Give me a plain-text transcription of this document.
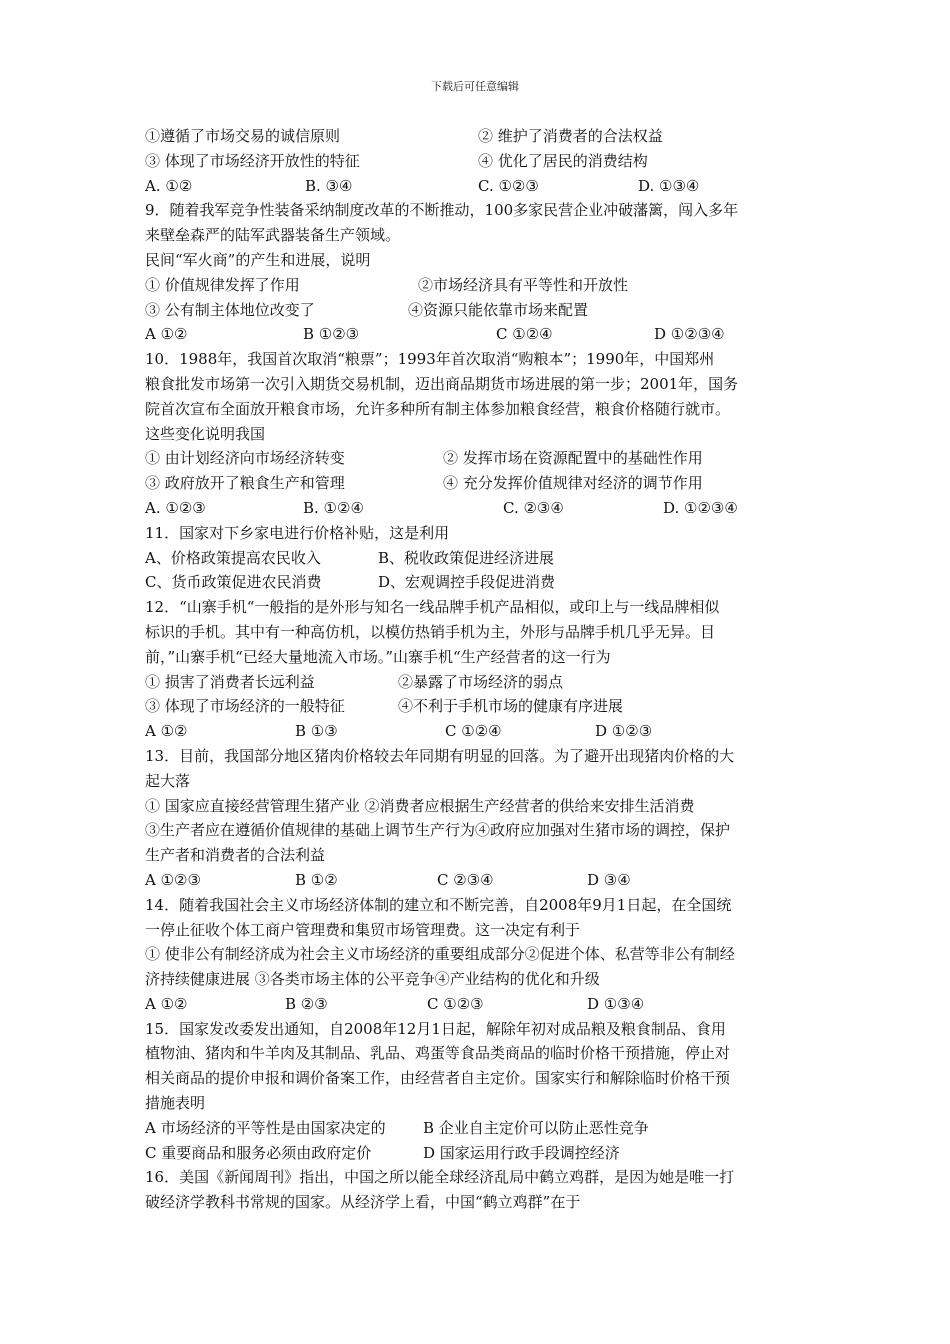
下载后可任意编辑
①遵循了市场交易的诚信原则	② 维护了消费者的合法权益
③ 体现了市场经济开放性的特征	④ 优化了居民的消费结构
A. ①②	B. ③④	C. ①②③	D. ①③④
9．随着我军竞争性装备采纳制度改革的不断推动，100多家民营企业冲破藩篱，闯入多年
来壁垒森严的陆军武器装备生产领域。
民间“军火商”的产生和进展，说明
① 价值规律发挥了作用	②市场经济具有平等性和开放性
③ 公有制主体地位改变了	④资源只能依靠市场来配置
A ①②	B ①②③	C ①②④	D ①②③④
10．1988年，我国首次取消“粮票”；1993年首次取消“购粮本”；1990年，中国郑州
粮食批发市场第一次引入期货交易机制，迈出商品期货市场进展的第一步；2001年，国务
院首次宣布全面放开粮食市场，允许多种所有制主体参加粮食经营，粮食价格随行就市。
这些变化说明我国
① 由计划经济向市场经济转变	② 发挥市场在资源配置中的基础性作用
③ 政府放开了粮食生产和管理	④ 充分发挥价值规律对经济的调节作用
A. ①②③	B. ①②④	C. ②③④	D. ①②③④
11．国家对下乡家电进行价格补贴，这是利用
A、价格政策提高农民收入	B、税收政策促进经济进展
C、货币政策促进农民消费	D、宏观调控手段促进消费
12．“山寨手机“一般指的是外形与知名一线品牌手机产品相似，或印上与一线品牌相似
标识的手机。其中有一种高仿机，以模仿热销手机为主，外形与品牌手机几乎无异。目
前，”山寨手机“已经大量地流入市场。”山寨手机“生产经营者的这一行为
① 损害了消费者长远利益	②暴露了市场经济的弱点
③ 体现了市场经济的一般特征	④不利于手机市场的健康有序进展
A ①②	B ①③	C ①②④	D ①②③
13．目前，我国部分地区猪肉价格较去年同期有明显的回落。为了避开出现猪肉价格的大
起大落
① 国家应直接经营管理生猪产业 ②消费者应根据生产经营者的供给来安排生活消费
③生产者应在遵循价值规律的基础上调节生产行为④政府应加强对生猪市场的调控，保护
生产者和消费者的合法利益
A ①②③	B ①②	C ②③④	D ③④
14．随着我国社会主义市场经济体制的建立和不断完善，自2008年9月1日起，在全国统
一停止征收个体工商户管理费和集贸市场管理费。这一决定有利于
① 使非公有制经济成为社会主义市场经济的重要组成部分②促进个体、私营等非公有制经
济持续健康进展 ③各类市场主体的公平竞争④产业结构的优化和升级
A ①②	B ②③	C ①②③	D ①③④
15．国家发改委发出通知，自2008年12月1日起，解除年初对成品粮及粮食制品、食用
植物油、猪肉和牛羊肉及其制品、乳品、鸡蛋等食品类商品的临时价格干预措施，停止对
相关商品的提价申报和调价备案工作，由经营者自主定价。国家实行和解除临时价格干预
措施表明
A 市场经济的平等性是由国家决定的	B 企业自主定价可以防止恶性竞争
C 重要商品和服务必须由政府定价	D 国家运用行政手段调控经济
16．美国《新闻周刊》指出，中国之所以能全球经济乱局中鹤立鸡群，是因为她是唯一打
破经济学教科书常规的国家。从经济学上看，中国“鹤立鸡群”在于
